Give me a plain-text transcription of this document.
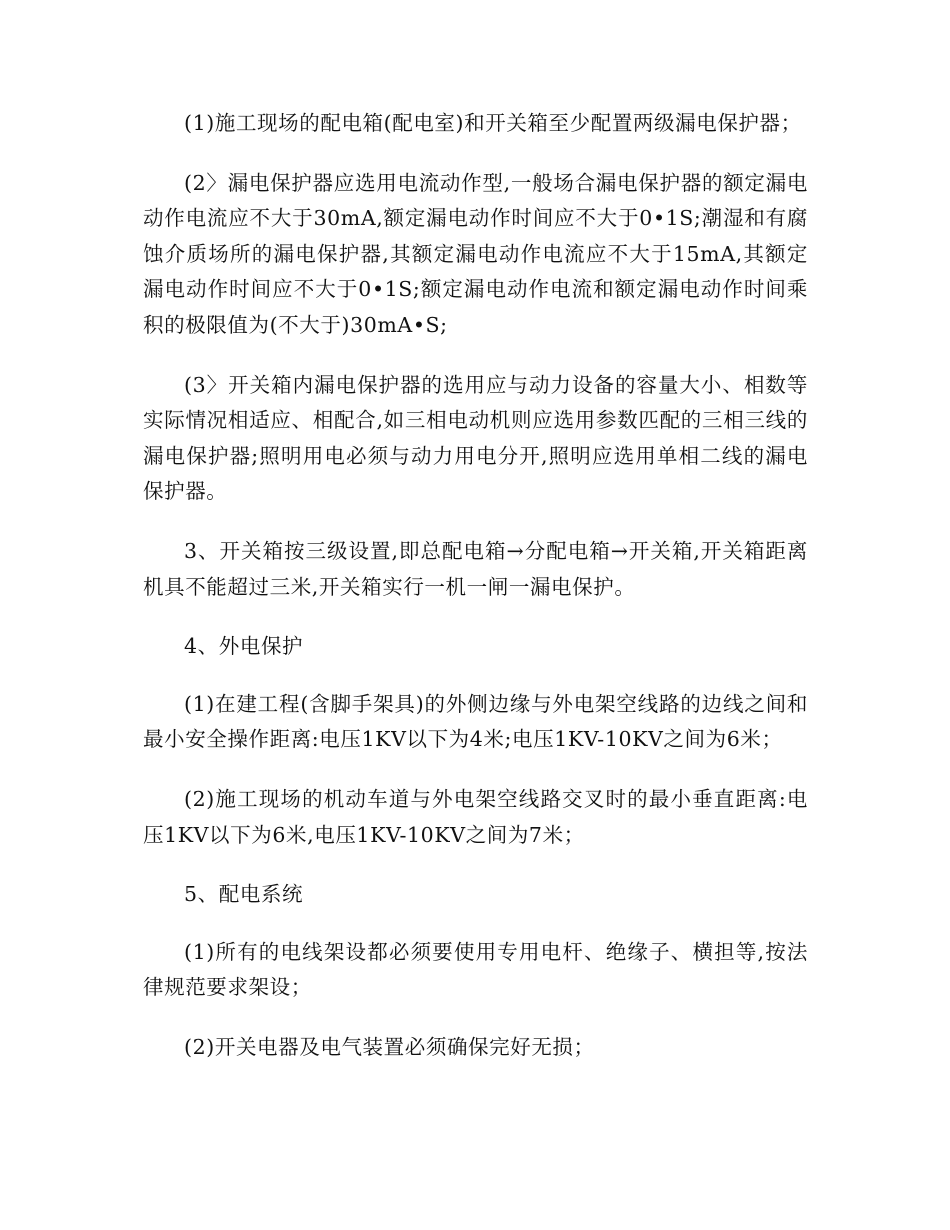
(1)施工现场的配电箱(配电室)和开关箱至少配置两级漏电保护器；

(2〉漏电保护器应选用电流动作型,一般场合漏电保护器的额定漏电动作电流应不大于30mA,额定漏电动作时间应不大于0•1S;潮湿和有腐蚀介质场所的漏电保护器,其额定漏电动作电流应不大于15mA,其额定漏电动作时间应不大于0•1S;额定漏电动作电流和额定漏电动作时间乘积的极限值为(不大于)30mA•S;

(3〉开关箱内漏电保护器的选用应与动力设备的容量大小、相数等实际情况相适应、相配合,如三相电动机则应选用参数匹配的三相三线的漏电保护器;照明用电必须与动力用电分开,照明应选用单相二线的漏电保护器。

3、开关箱按三级设置,即总配电箱→分配电箱→开关箱,开关箱距离机具不能超过三米,开关箱实行一机一闸一漏电保护。

4、外电保护

(1)在建工程(含脚手架具)的外侧边缘与外电架空线路的边线之间和最小安全操作距离:电压1KV以下为4米;电压1KV-10KV之间为6米；

(2)施工现场的机动车道与外电架空线路交叉时的最小垂直距离:电压1KV以下为6米,电压1KV-10KV之间为7米；

5、配电系统

(1)所有的电线架设都必须要使用专用电杆、绝缘子、横担等,按法律规范要求架设；

(2)开关电器及电气装置必须确保完好无损；
